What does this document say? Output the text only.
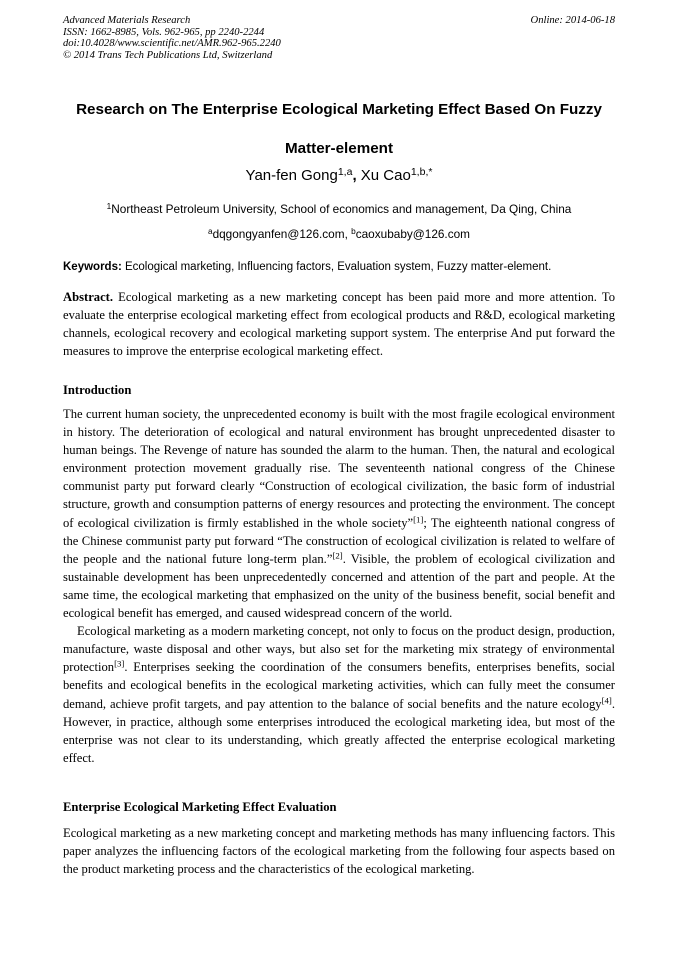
Advanced Materials Research
ISSN: 1662-8985, Vols. 962-965, pp 2240-2244
doi:10.4028/www.scientific.net/AMR.962-965.2240
© 2014 Trans Tech Publications Ltd, Switzerland
Online: 2014-06-18
Research on The Enterprise Ecological Marketing Effect Based On Fuzzy
Matter-element
Yan-fen Gong$^{1,a}$, Xu Cao$^{1,b,*}$
$^1$Northeast Petroleum University, School of economics and management, Da Qing, China
$^a$dqgongyanfen@126.com, $^b$caoxubaby@126.com
Keywords: Ecological marketing, Influencing factors, Evaluation system, Fuzzy matter-element.
Abstract. Ecological marketing as a new marketing concept has been paid more and more attention. To evaluate the enterprise ecological marketing effect from ecological products and R&D, ecological marketing channels, ecological recovery and ecological marketing support system. The enterprise And put forward the measures to improve the enterprise ecological marketing effect.
Introduction

The current human society, the unprecedented economy is built with the most fragile ecological environment in history. The deterioration of ecological and natural environment has brought unprecedented disaster to human beings. The Revenge of nature has sounded the alarm to the human. Then, the natural and ecological environment protection movement gradually rise. The seventeenth national congress of the Chinese communist party put forward clearly “Construction of ecological civilization, the basic form of industrial structure, growth and consumption patterns of energy resources and protecting the environment. The concept of ecological civilization is firmly established in the whole society”[1]; The eighteenth national congress of the Chinese communist party put forward “The construction of ecological civilization is related to welfare of the people and the national future long-term plan.”[2]. Visible, the problem of ecological civilization and sustainable development has been unprecedentedly concerned and attention of the part and people. At the same time, the ecological marketing that emphasized on the unity of the business benefit, social benefit and ecological benefit has emerged, and caused widespread concern of the world.

Ecological marketing as a modern marketing concept, not only to focus on the product design, production, manufacture, waste disposal and other ways, but also set for the marketing mix strategy of environmental protection[3]. Enterprises seeking the coordination of the consumers benefits, enterprises benefits, social benefits and ecological benefits in the ecological marketing activities, which can fully meet the consumer demand, achieve profit targets, and pay attention to the balance of social benefits and the nature ecology[4]. However, in practice, although some enterprises introduced the ecological marketing idea, but most of the enterprise was not clear to its understanding, which greatly affected the enterprise ecological marketing effect.

Enterprise Ecological Marketing Effect Evaluation

Ecological marketing as a new marketing concept and marketing methods has many influencing factors. This paper analyzes the influencing factors of the ecological marketing from the following four aspects based on the product marketing process and the characteristics of the ecological marketing.
